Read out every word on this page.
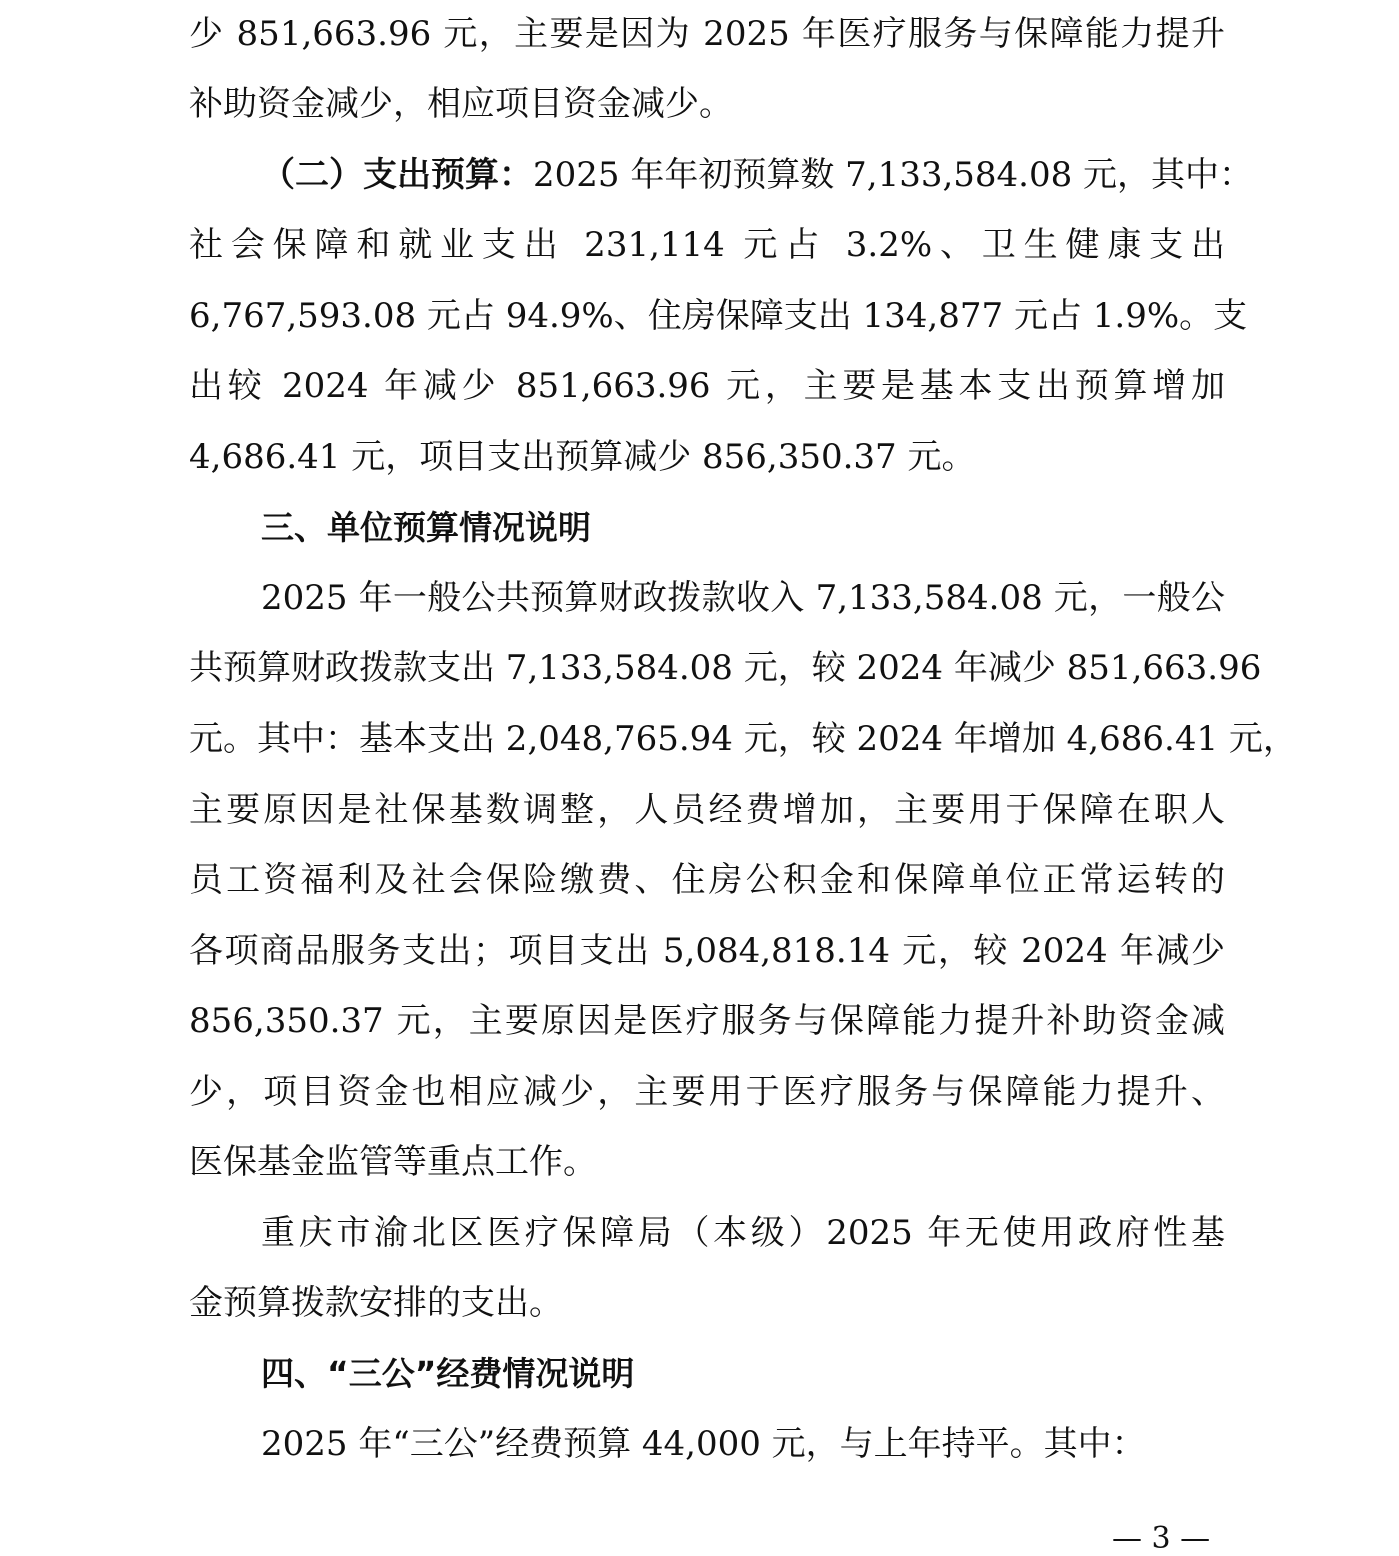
少 851,663.96 元，主要是因为 2025 年医疗服务与保障能力提升
补助资金减少，相应项目资金减少。
（二）支出预算：2025 年年初预算数 7,133,584.08 元，其中：
社会保障和就业支出 231,114 元占 3.2%、卫生健康支出
6,767,593.08 元占 94.9%、住房保障支出 134,877 元占 1.9%。支
出较 2024 年减少 851,663.96 元，主要是基本支出预算增加
4,686.41 元，项目支出预算减少 856,350.37 元。
三、单位预算情况说明
2025 年一般公共预算财政拨款收入 7,133,584.08 元，一般公
共预算财政拨款支出 7,133,584.08 元，较 2024 年减少 851,663.96
元。其中：基本支出 2,048,765.94 元，较 2024 年增加 4,686.41 元，
主要原因是社保基数调整，人员经费增加，主要用于保障在职人
员工资福利及社会保险缴费、住房公积金和保障单位正常运转的
各项商品服务支出；项目支出 5,084,818.14 元，较 2024 年减少
856,350.37 元，主要原因是医疗服务与保障能力提升补助资金减
少，项目资金也相应减少，主要用于医疗服务与保障能力提升、
医保基金监管等重点工作。
重庆市渝北区医疗保障局（本级）2025 年无使用政府性基
金预算拨款安排的支出。
四、“三公”经费情况说明
2025 年“三公”经费预算 44,000 元，与上年持平。其中：
— 3 —
